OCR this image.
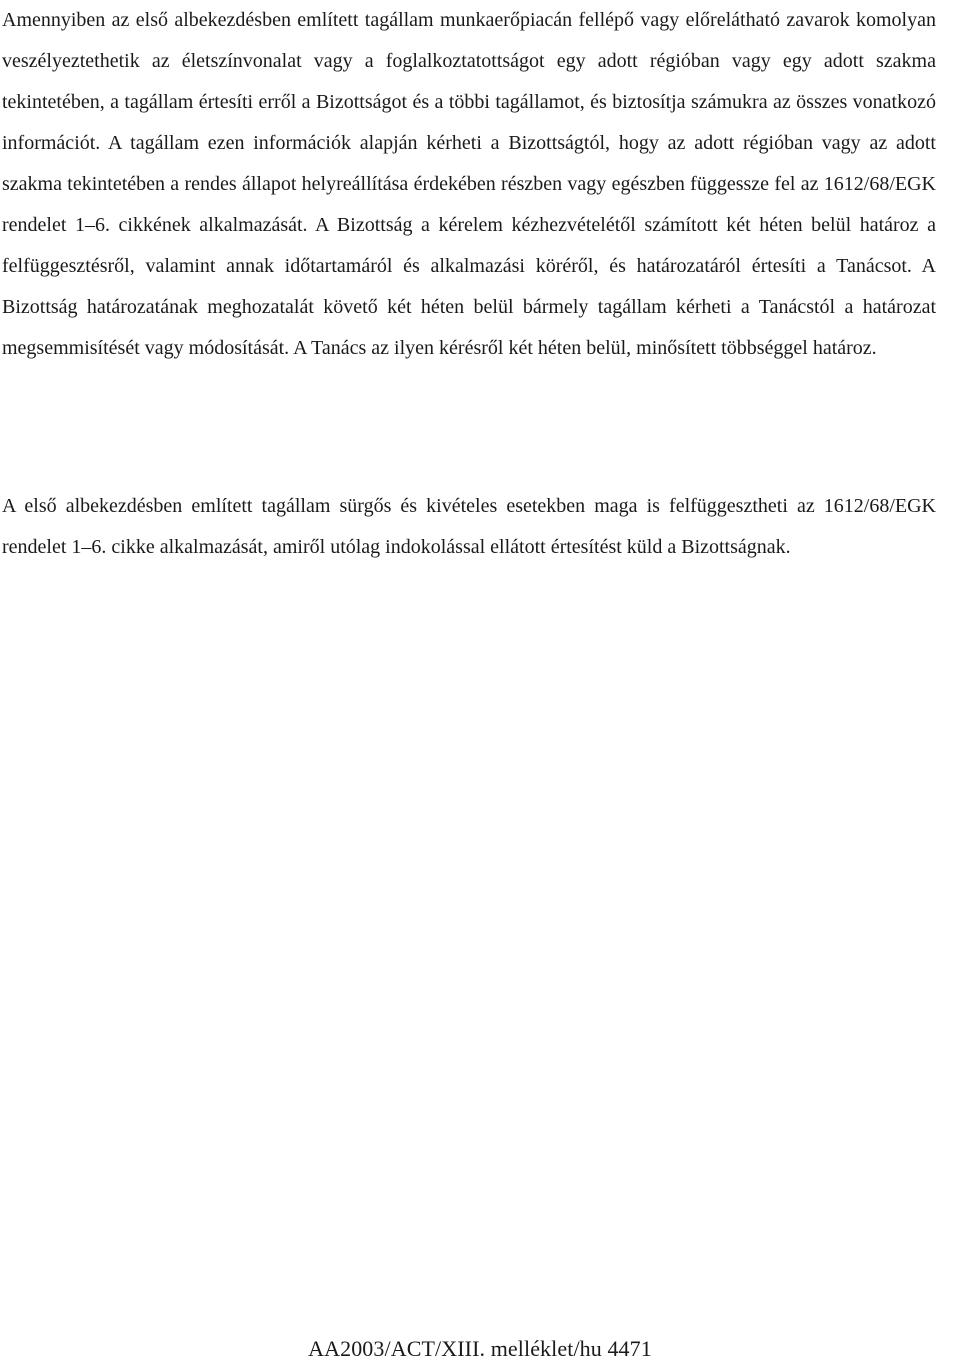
Amennyiben az első albekezdésben említett tagállam munkaerőpiacán fellépő vagy előrelátható zavarok komolyan veszélyeztethetik az életszínvonalat vagy a foglalkoztatottságot egy adott régióban vagy egy adott szakma tekintetében, a tagállam értesíti erről a Bizottságot és a többi tagállamot, és biztosítja számukra az összes vonatkozó információt. A tagállam ezen információk alapján kérheti a Bizottságtól, hogy az adott régióban vagy az adott szakma tekintetében a rendes állapot helyreállítása érdekében részben vagy egészben függessze fel az 1612/68/EGK rendelet 1–6. cikkének alkalmazását. A Bizottság a kérelem kézhezvételétől számított két héten belül határoz a felfüggesztésről, valamint annak időtartamáról és alkalmazási köréről, és határozatáról értesíti a Tanácsot. A Bizottság határozatának meghozatalát követő két héten belül bármely tagállam kérheti a Tanácstól a határozat megsemmisítését vagy módosítását. A Tanács az ilyen kérésről két héten belül, minősített többséggel határoz.

A első albekezdésben említett tagállam sürgős és kivételes esetekben maga is felfüggesztheti az 1612/68/EGK rendelet 1–6. cikke alkalmazását, amiről utólag indokolással ellátott értesítést küld a Bizottságnak.

AA2003/ACT/XIII. melléklet/hu 4471
